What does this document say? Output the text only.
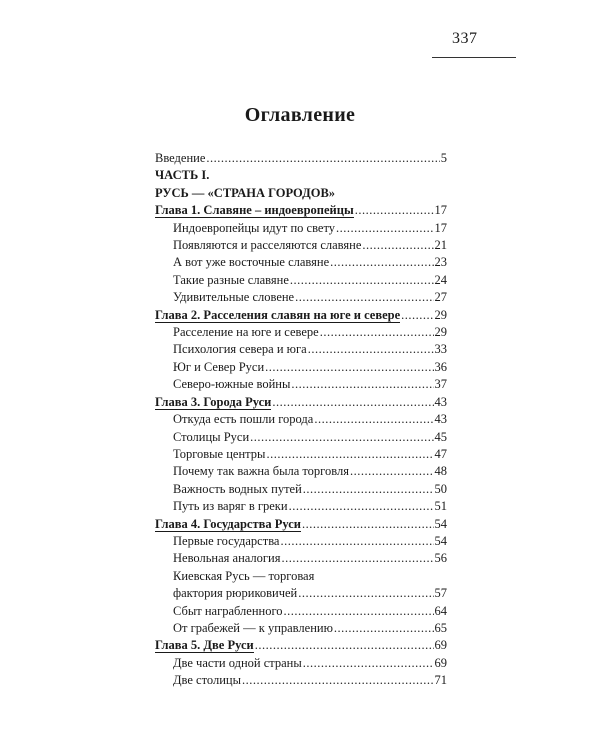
337
Оглавление
Введение .....	5
ЧАСТЬ I.
РУСЬ — «СТРАНА ГОРОДОВ»
Глава 1. Славяне – индоевропейцы .....	17
Индоевропейцы идут по свету .....	17
Появляются и расселяются славяне .....	21
А вот уже восточные славяне .....	23
Такие разные славяне .....	24
Удивительные словене .....	27
Глава 2. Расселения славян на юге и севере .....	29
Расселение на юге и севере .....	29
Психология севера и юга .....	33
Юг и Север Руси .....	36
Северо-южные войны .....	37
Глава 3. Города Руси .....	43
Откуда есть пошли города .....	43
Столицы Руси .....	45
Торговые центры .....	47
Почему так важна была торговля .....	48
Важность водных путей .....	50
Путь из варяг в греки .....	51
Глава 4. Государства Руси .....	54
Первые государства .....	54
Невольная аналогия .....	56
Киевская Русь — торговая
фактория рюриковичей .....	57
Сбыт награбленного .....	64
От грабежей — к управлению .....	65
Глава 5. Две Руси .....	69
Две части одной страны .....	69
Две столицы .....	71
